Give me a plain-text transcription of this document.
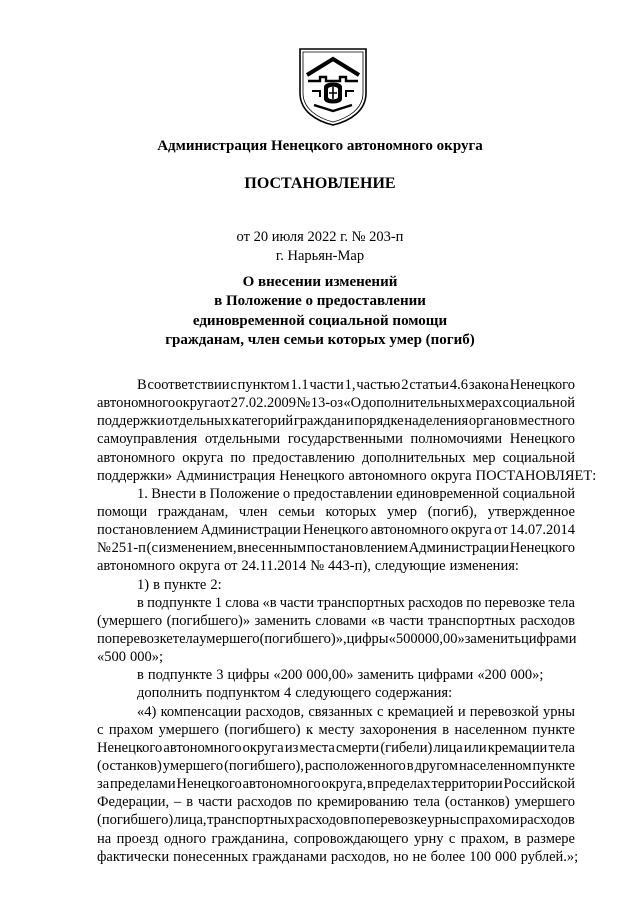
Администрация Ненецкого автономного округа
ПОСТАНОВЛЕНИЕ
от 20 июля 2022 г. № 203-п
г. Нарьян-Мар
О внесении изменений
в Положение о предоставлении
единовременной социальной помощи
гражданам, член семьи которых умер (погиб)
В соответствии с пунктом 1.1 части 1, частью 2 статьи 4.6 закона Ненецкого
автономного округа от 27.02.2009 № 13-оз «О дополнительных мерах социальной
поддержки отдельных категорий граждан и порядке наделения органов местного
самоуправления отдельными государственными полномочиями Ненецкого
автономного округа по предоставлению дополнительных мер социальной
поддержки» Администрация Ненецкого автономного округа ПОСТАНОВЛЯЕТ:
1. Внести в Положение о предоставлении единовременной социальной
помощи гражданам, член семьи которых умер (погиб), утвержденное
постановлением Администрации Ненецкого автономного округа от 14.07.2014
№ 251-п (с изменением, внесенным постановлением Администрации Ненецкого
автономного округа от 24.11.2014 № 443-п), следующие изменения:
1) в пункте 2:
в подпункте 1 слова «в части транспортных расходов по перевозке тела
(умершего (погибшего)» заменить словами «в части транспортных расходов
по перевозке тела умершего (погибшего)», цифры «500 000,00» заменить цифрами
«500 000»;
в подпункте 3 цифры «200 000,00» заменить цифрами «200 000»;
дополнить подпунктом 4 следующего содержания:
«4) компенсации расходов, связанных с кремацией и перевозкой урны
с прахом умершего (погибшего) к месту захоронения в населенном пункте
Ненецкого автономного округа из места смерти (гибели) лица или кремации тела
(останков) умершего (погибшего), расположенного в другом населенном пункте
за пределами Ненецкого автономного округа, в пределах территории Российской
Федерации, – в части расходов по кремированию тела (останков) умершего
(погибшего) лица, транспортных расходов по перевозке урны с прахом и расходов
на проезд одного гражданина, сопровождающего урну с прахом, в размере
фактически понесенных гражданами расходов, но не более 100 000 рублей.»;
